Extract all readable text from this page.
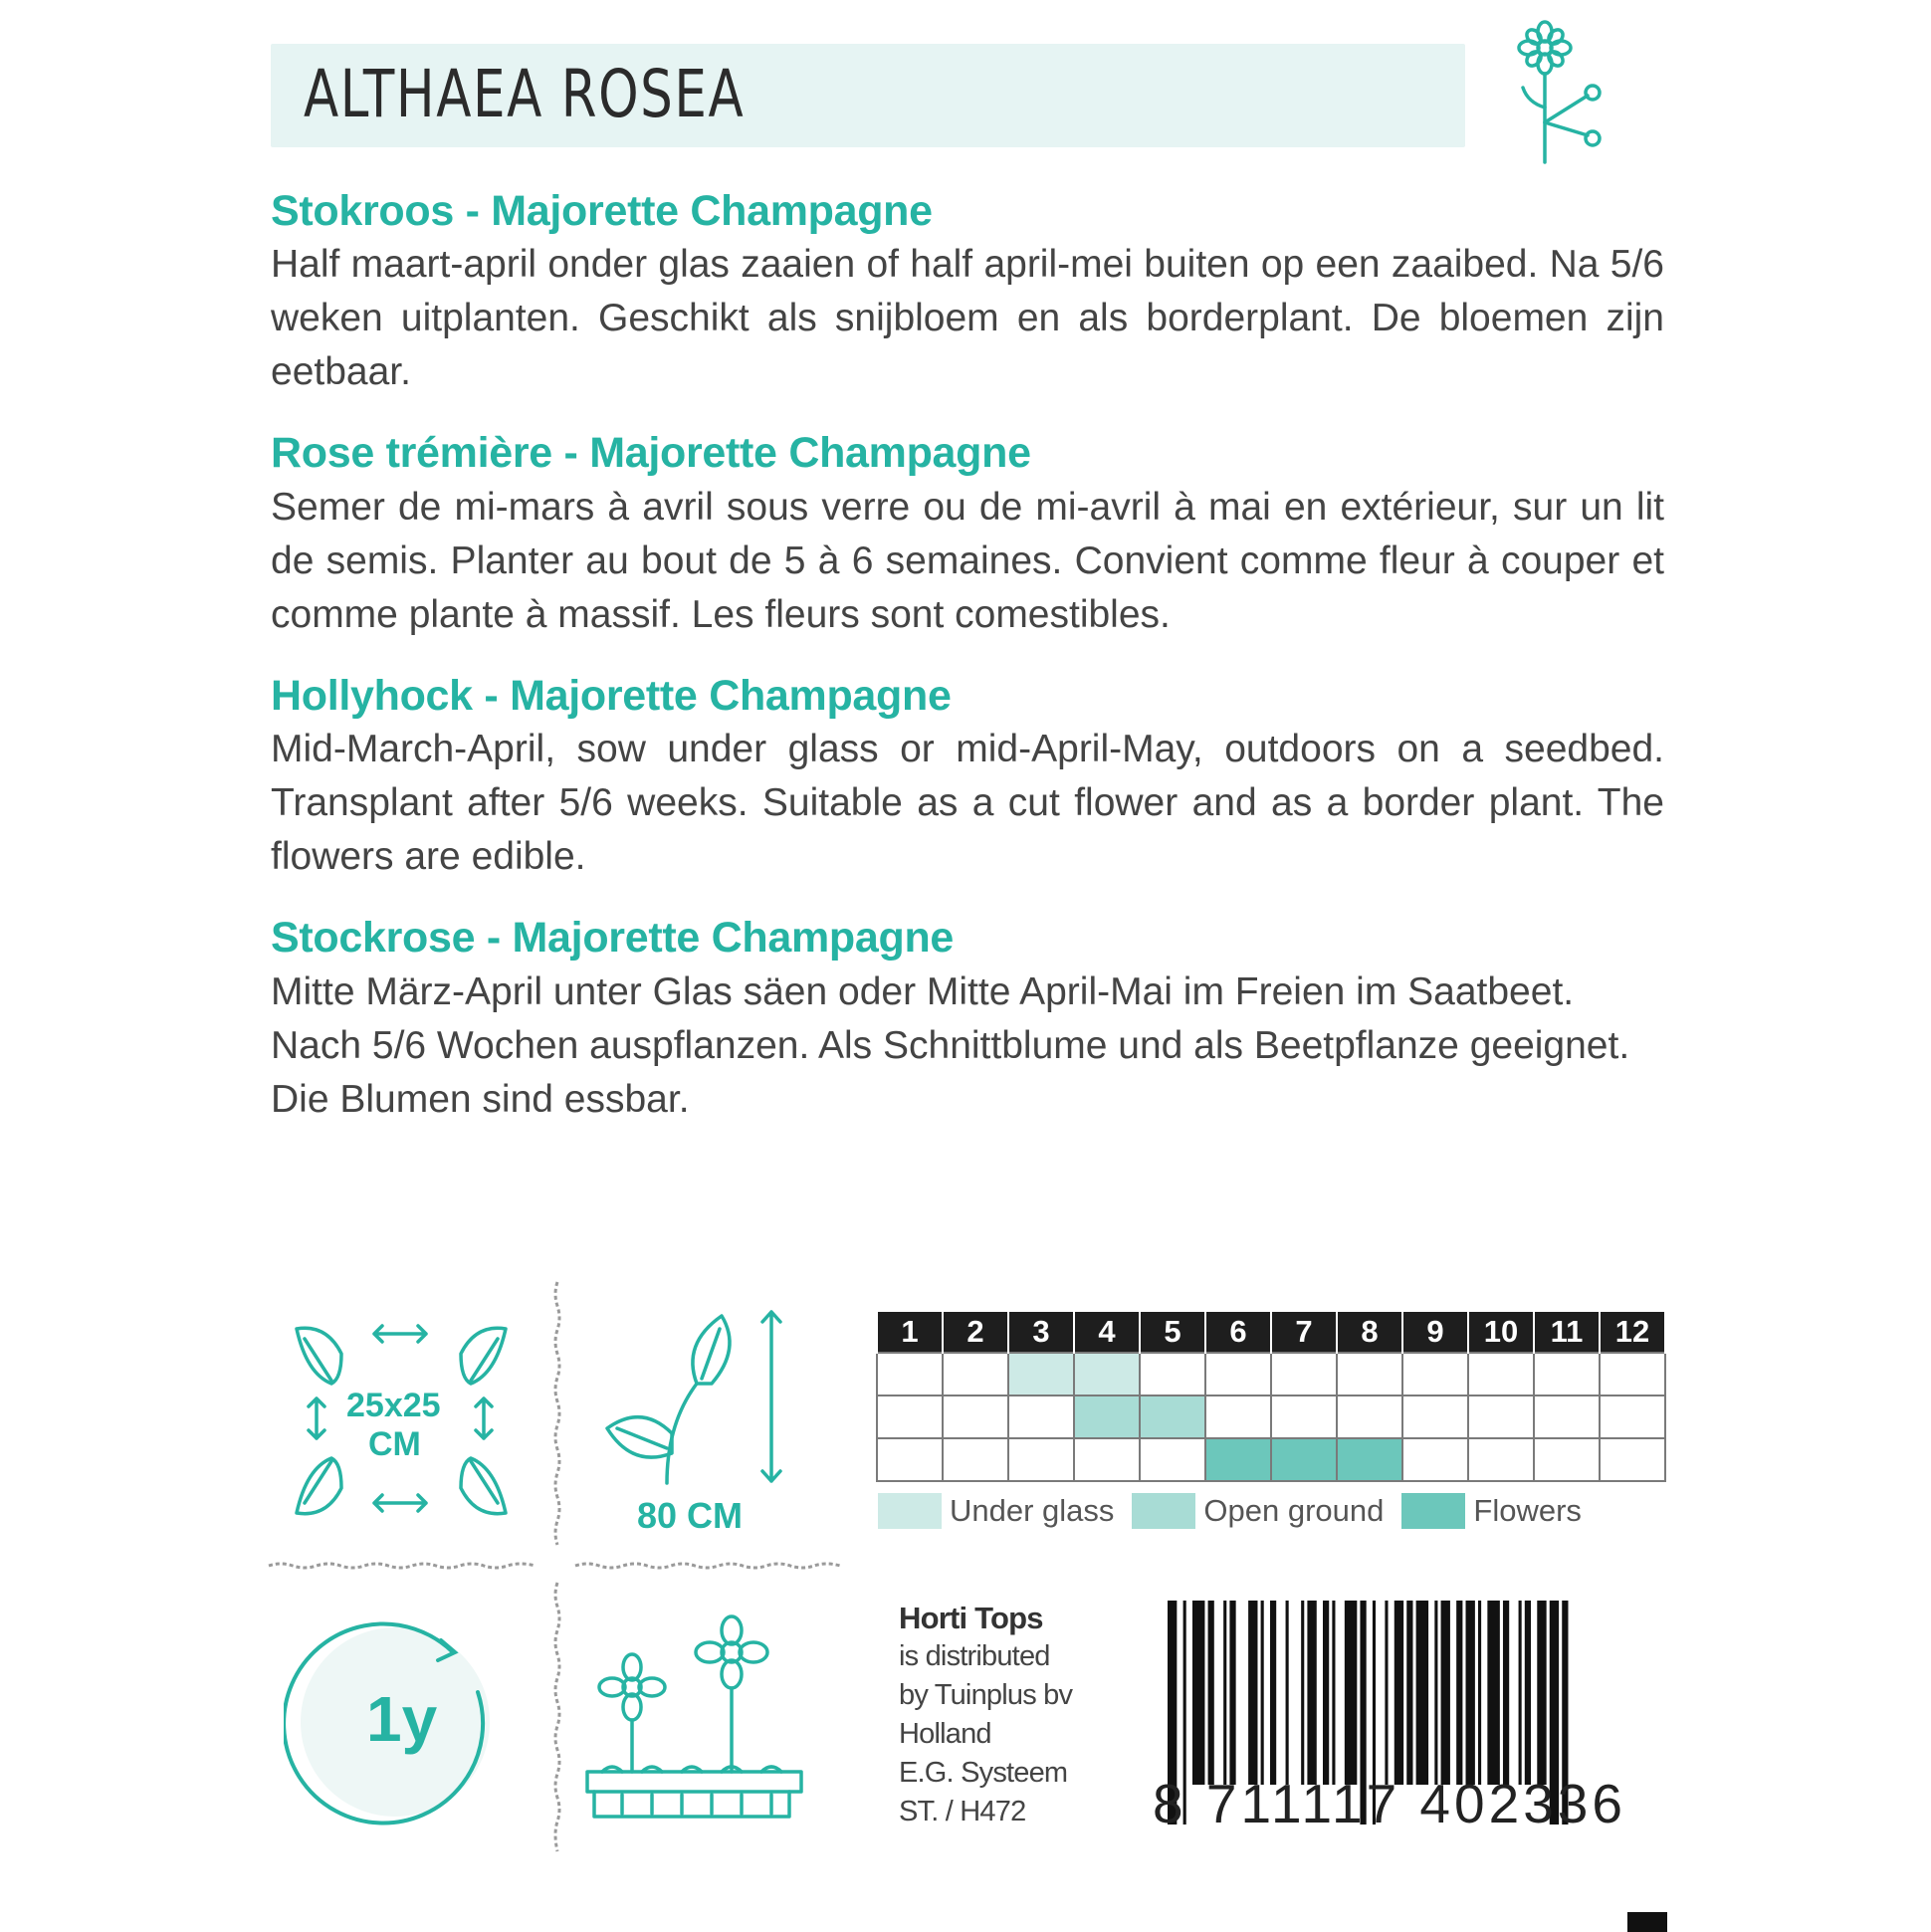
ALTHAEA ROSEA
Stokroos - Majorette Champagne

Half maart-april onder glas zaaien of half april-mei buiten op een zaaibed. Na 5/6 weken uitplanten. Geschikt als snijbloem en als borderplant. De bloemen zijn eetbaar.

Rose trémière - Majorette Champagne

Semer de mi-mars à avril sous verre ou de mi-avril à mai en extérieur, sur un lit de semis. Planter au bout de 5 à 6 semaines. Convient comme fleur à couper et comme plante à massif. Les fleurs sont comestibles.

Hollyhock - Majorette Champagne

Mid-March-April, sow under glass or mid-April-May, outdoors on a seedbed. Transplant after 5/6 weeks. Suitable as a cut flower and as a border plant. The flowers are edible.

Stockrose - Majorette Champagne

Mitte März-April unter Glas säen oder Mitte April-Mai im Freien im Saatbeet. Nach 5/6 Wochen auspflanzen. Als Schnittblume und als Beetpflanze geeignet. Die Blumen sind essbar.

25x25
CM
80 CM
1y
1	2	3	4	5	6	7	8	9	10	11	12

Under glass	Open ground	Flowers
Horti Tops
is distributed
by Tuinplus bv
Holland
E.G. Systeem
ST. / H472	8 711117 402336
